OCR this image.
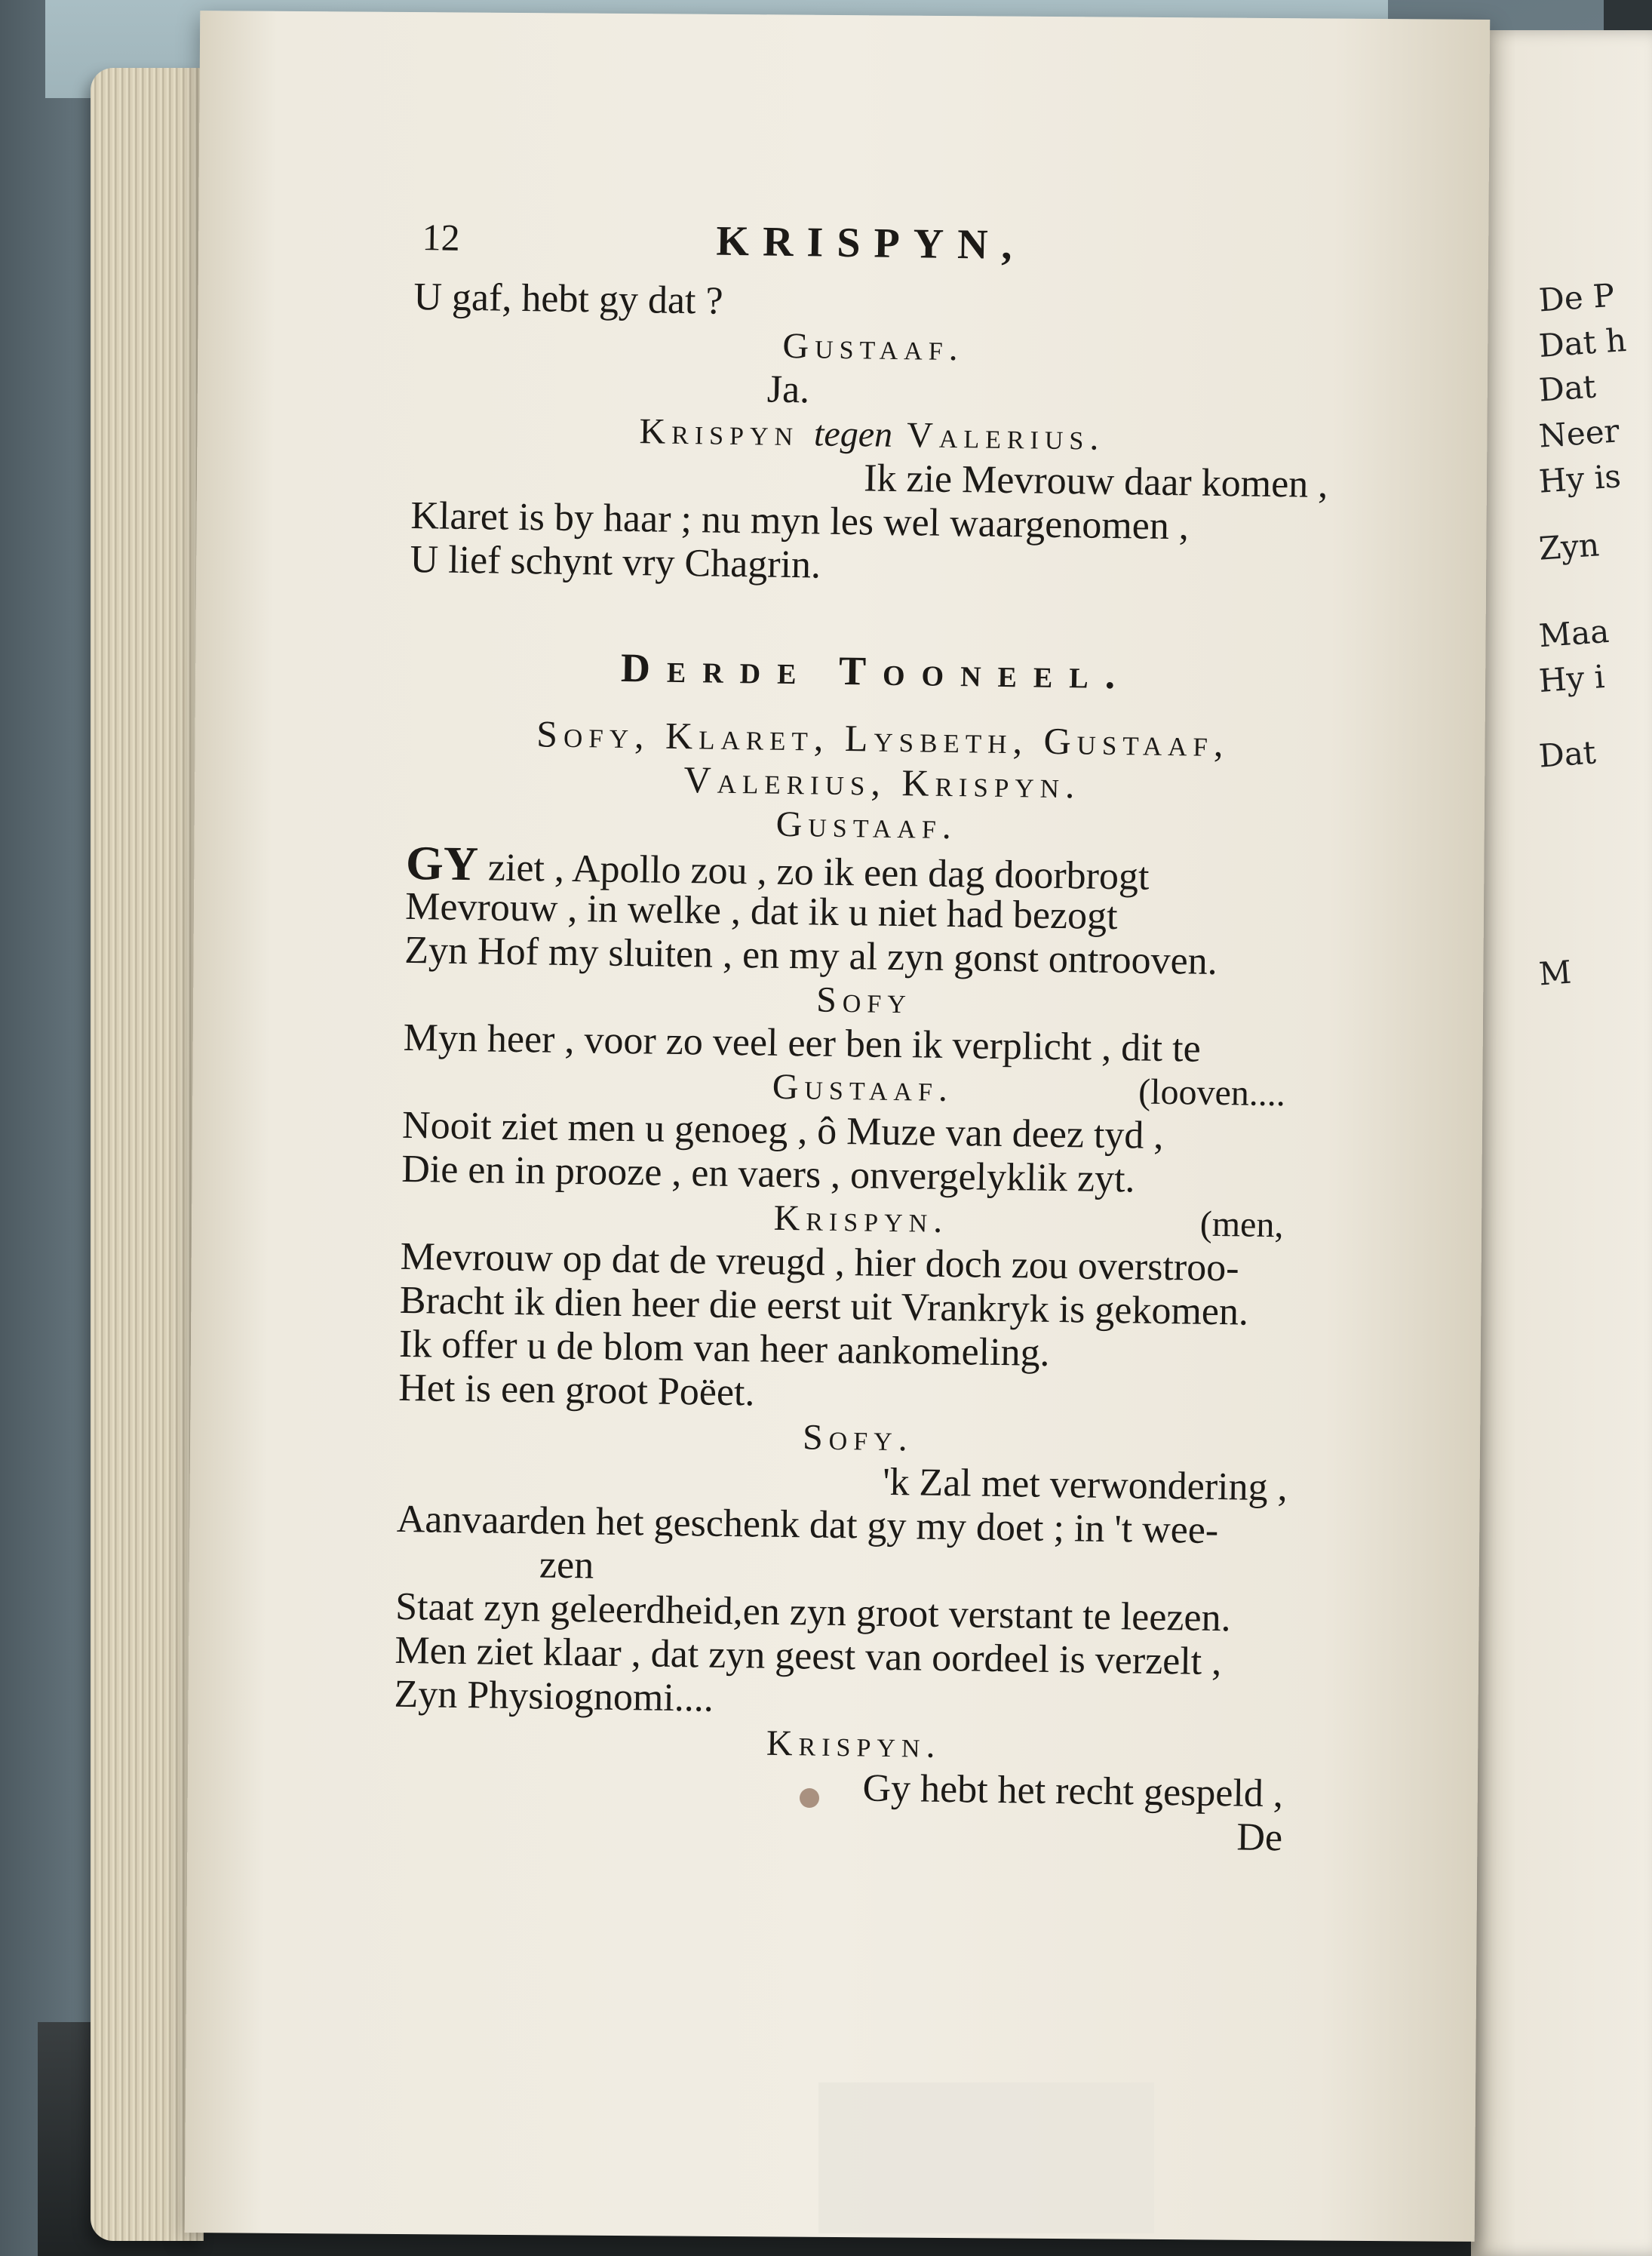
De P
Dat h
Dat
Neer
Hy is
Zyn
Maa
Hy i
Dat
M
12	KRISPYN,
U gaf, hebt gy dat ?
Gustaaf.
Ja.
Krispyn tegen Valerius.
Ik zie Mevrouw daar komen ,
Klaret is by haar ; nu myn les wel waargenomen ,
U lief schynt vry Chagrin.
Derde Tooneel.
Sofy, Klaret, Lysbeth, Gustaaf,
Valerius, Krispyn.
Gustaaf.
GY ziet , Apollo zou , zo ik een dag doorbrogt
Mevrouw , in welke , dat ik u niet had bezogt
Zyn Hof my sluiten , en my al zyn gonst ontrooven.
Sofy
Myn heer , voor zo veel eer ben ik verplicht , dit te
Gustaaf.	(looven....
Nooit ziet men u genoeg , ô Muze van deez tyd ,
Die en in prooze , en vaers , onvergelyklik zyt.
Krispyn.	(men,
Mevrouw op dat de vreugd , hier doch zou overstroo-
Bracht ik dien heer die eerst uit Vrankryk is gekomen.
Ik offer u de blom van heer aankomeling.
Het is een groot Poëet.
Sofy.
'k Zal met verwondering ,
Aanvaarden het geschenk dat gy my doet ; in 't wee-
zen
Staat zyn geleerdheid,en zyn groot verstant te leezen.
Men ziet klaar , dat zyn geest van oordeel is verzelt ,
Zyn Physiognomi....
Krispyn.
Gy hebt het recht gespeld ,
De
